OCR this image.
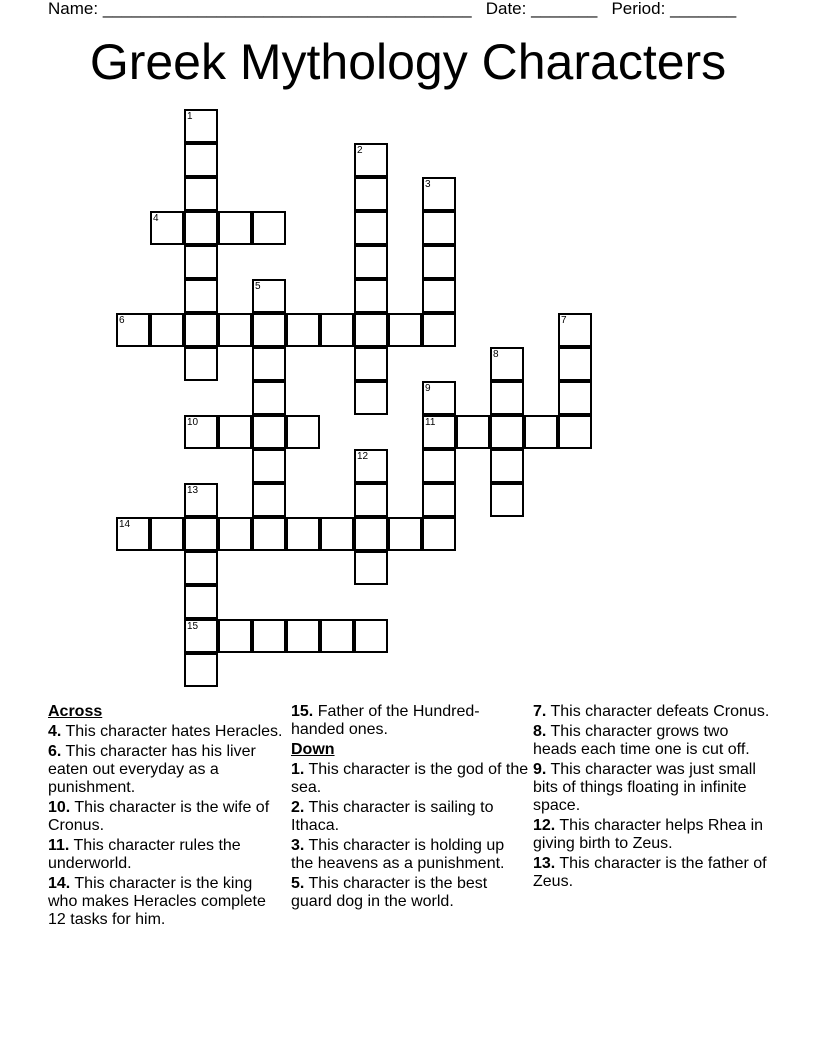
Name: _______________________________________ Date: _______ Period: _______
Greek Mythology Characters
1
2
3
4
5
6	7
8
9
11
10
12
13
15
14
Across
4. This character hates Heracles.
6. This character has his liver eaten out everyday as a punishment.
10. This character is the wife of Cronus.
11. This character rules the underworld.
14. This character is the king who makes Heracles complete 12 tasks for him.
15. Father of the Hundred-handed ones.
Down
1. This character is the god of the sea.
2. This character is sailing to Ithaca.
3. This character is holding up the heavens as a punishment.
5. This character is the best guard dog in the world.
7. This character defeats Cronus.
8. This character grows two heads each time one is cut off.
9. This character was just small bits of things floating in infinite space.
12. This character helps Rhea in giving birth to Zeus.
13. This character is the father of Zeus.
